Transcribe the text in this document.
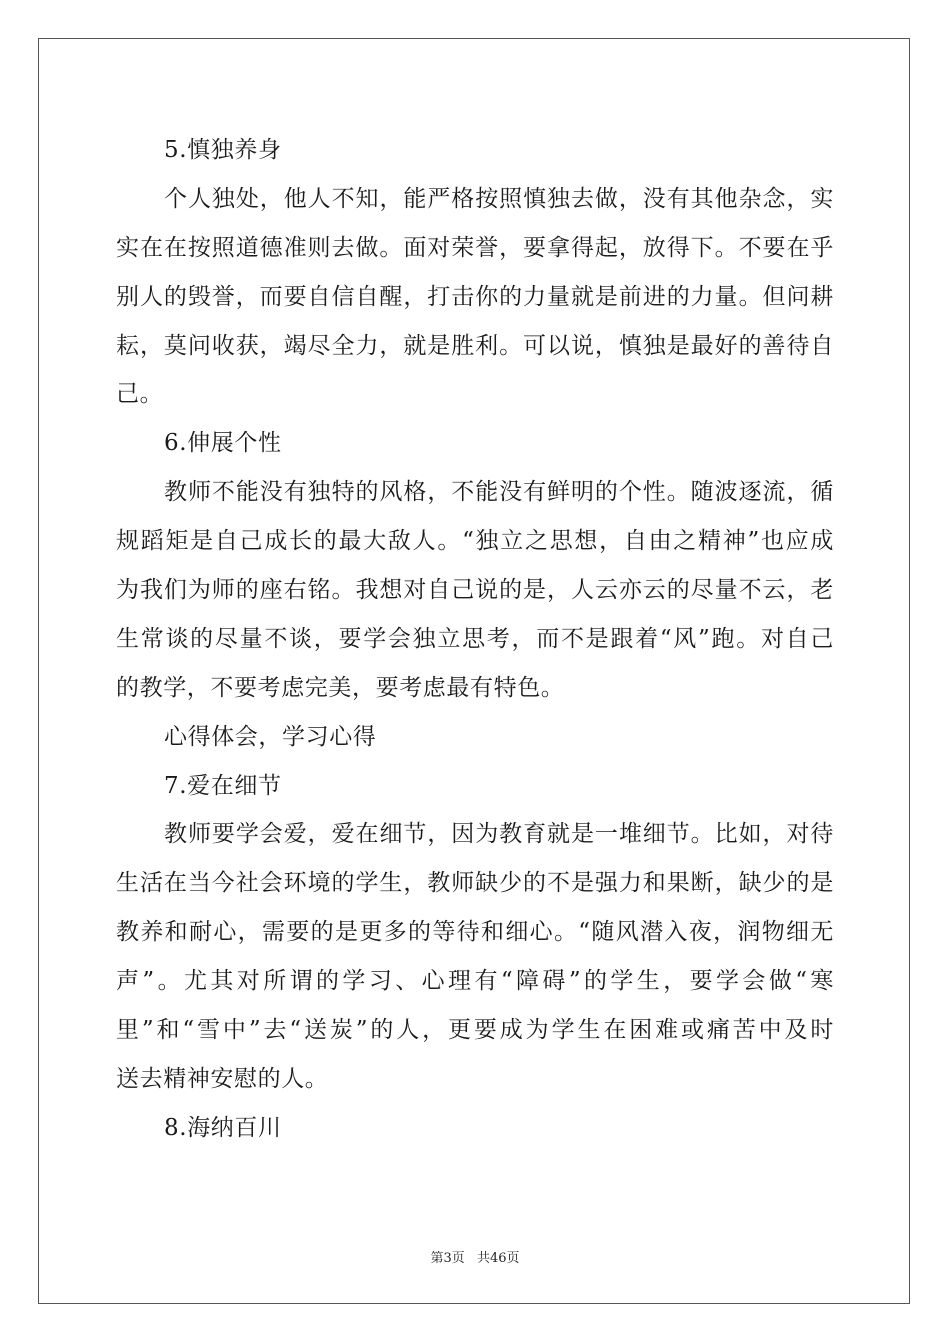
5.慎独养身
个人独处，他人不知，能严格按照慎独去做，没有其他杂念，实
实在在按照道德准则去做。面对荣誉，要拿得起，放得下。不要在乎
别人的毁誉，而要自信自醒，打击你的力量就是前进的力量。但问耕
耘，莫问收获，竭尽全力，就是胜利。可以说，慎独是最好的善待自
己。
6.伸展个性
教师不能没有独特的风格，不能没有鲜明的个性。随波逐流，循
规蹈矩是自己成长的最大敌人。“独立之思想，自由之精神”也应成
为我们为师的座右铭。我想对自己说的是，人云亦云的尽量不云，老
生常谈的尽量不谈，要学会独立思考，而不是跟着“风”跑。对自己
的教学，不要考虑完美，要考虑最有特色。
心得体会，学习心得
7.爱在细节
教师要学会爱，爱在细节，因为教育就是一堆细节。比如，对待
生活在当今社会环境的学生，教师缺少的不是强力和果断，缺少的是
教养和耐心，需要的是更多的等待和细心。“随风潜入夜，润物细无
声”。尤其对所谓的学习、心理有“障碍”的学生，要学会做“寒
里”和“雪中”去“送炭”的人，更要成为学生在困难或痛苦中及时
送去精神安慰的人。
8.海纳百川
第3页 共46页
